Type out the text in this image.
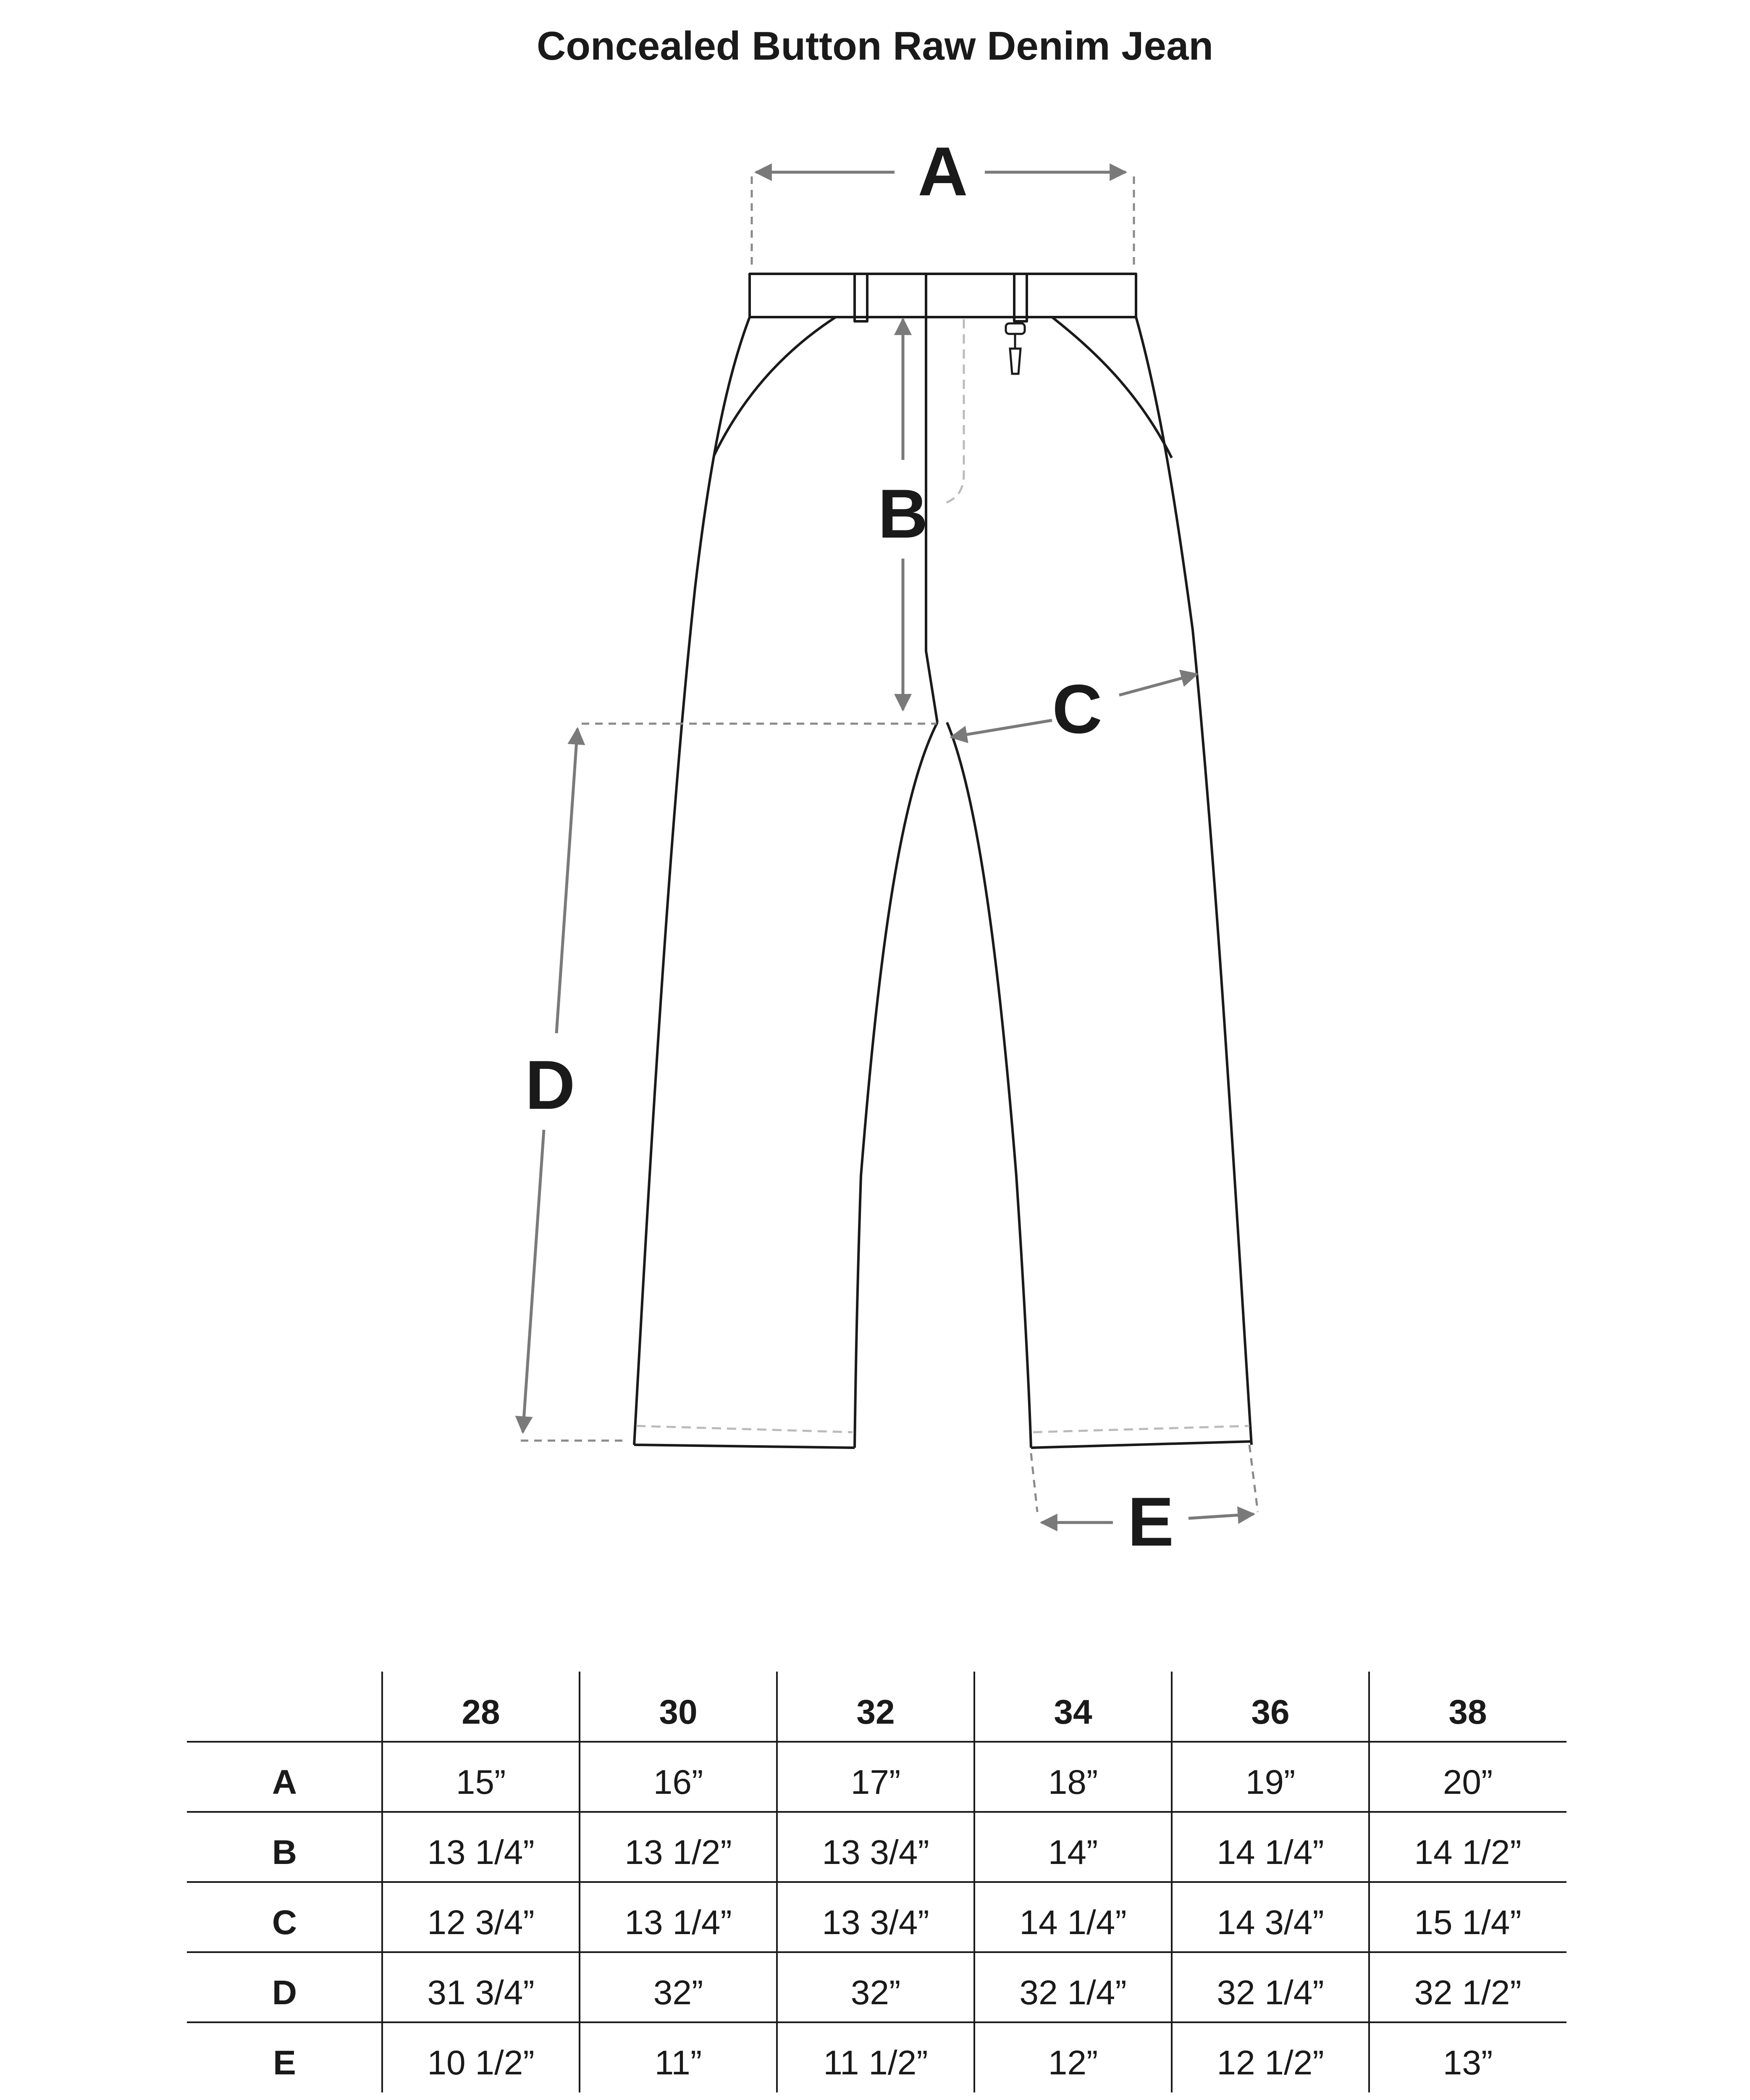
Concealed Button Raw Denim Jean
A
B
C
D
E
28	30	32	34	36	38
A	15”	16”	17”	18”	19”	20”
B	13 1/4”	13 1/2”	13 3/4”	14”	14 1/4”	14 1/2”
C	12 3/4”	13 1/4”	13 3/4”	14 1/4”	14 3/4”	15 1/4”
D	31 3/4”	32”	32”	32 1/4”	32 1/4”	32 1/2”
E	10 1/2”	11”	11 1/2”	12”	12 1/2”	13”
